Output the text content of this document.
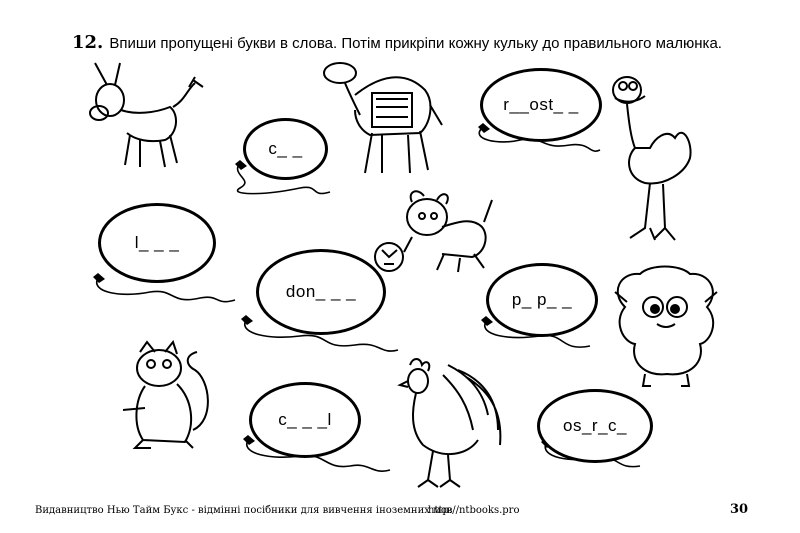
12. Впиши пропущені букви в слова. Потім прикріпи кожну кульку до правильного малюнка.
c_ _
r__ost_ _
l_ _ _
don_ _ _	p_ p_ _
c_ _ _l	os_r_c_
Видавництво Нью Тайм Букс - відмінні посібники для вивчення іноземних мов
http://ntbooks.pro	30
